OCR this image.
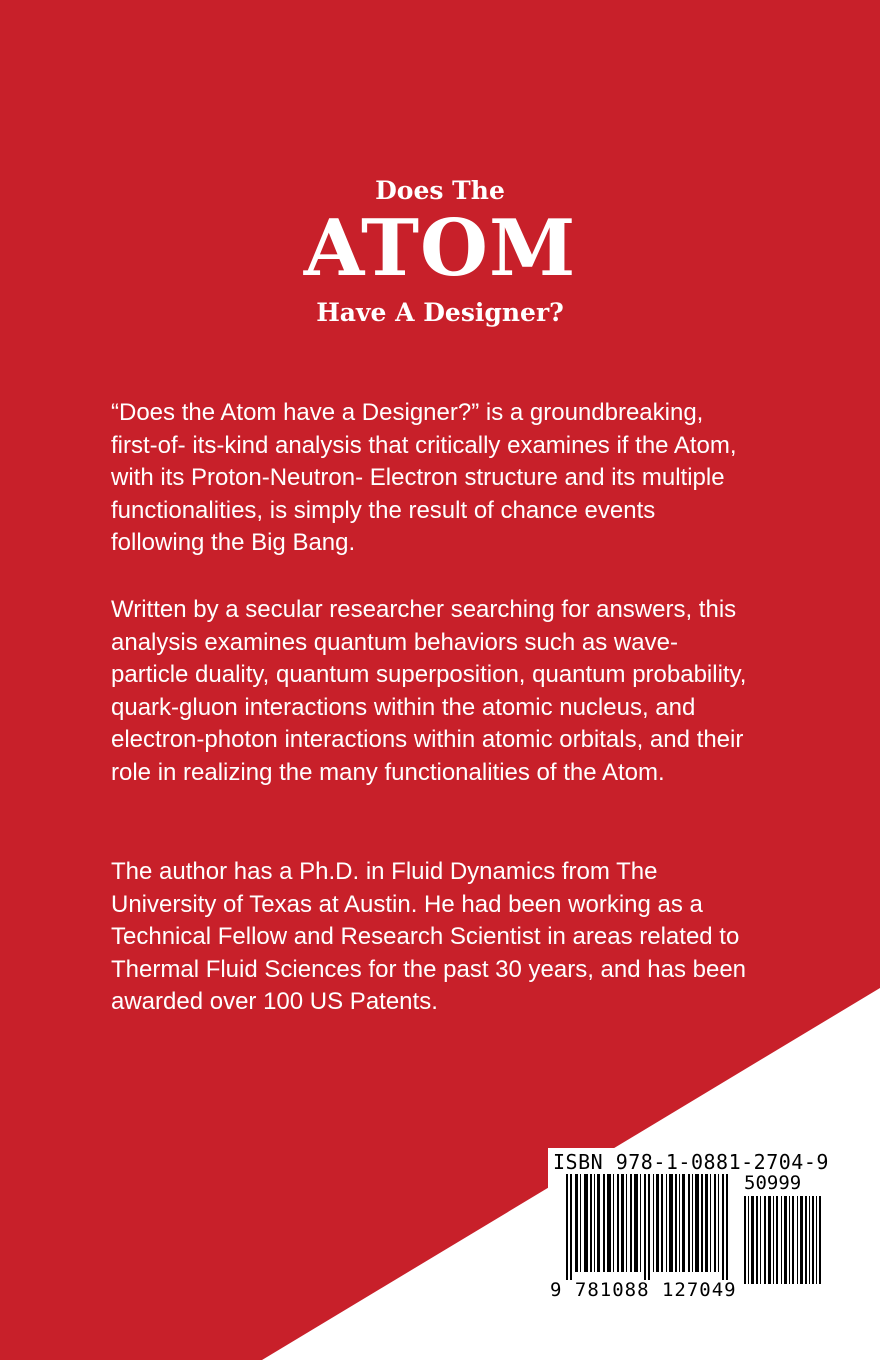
Does The
ATOM
Have A Designer?

“Does the Atom have a Designer?” is a groundbreaking, first-of- its-kind analysis that critically examines if the Atom, with its Proton-Neutron- Electron structure and its multiple functionalities, is simply the result of chance events following the Big Bang.

Written by a secular researcher searching for answers, this analysis examines quantum behaviors such as wave-particle duality, quantum superposition, quantum probability, quark-gluon interactions within the atomic nucleus, and electron-photon interactions within atomic orbitals, and their role in realizing the many functionalities of the Atom.

The author has a Ph.D. in Fluid Dynamics from The University of Texas at Austin. He had been working as a Technical Fellow and Research Scientist in areas related to Thermal Fluid Sciences for the past 30 years, and has been awarded over 100 US Patents.

ISBN 978-1-0881-2704-9
50999
9 781088 127049
